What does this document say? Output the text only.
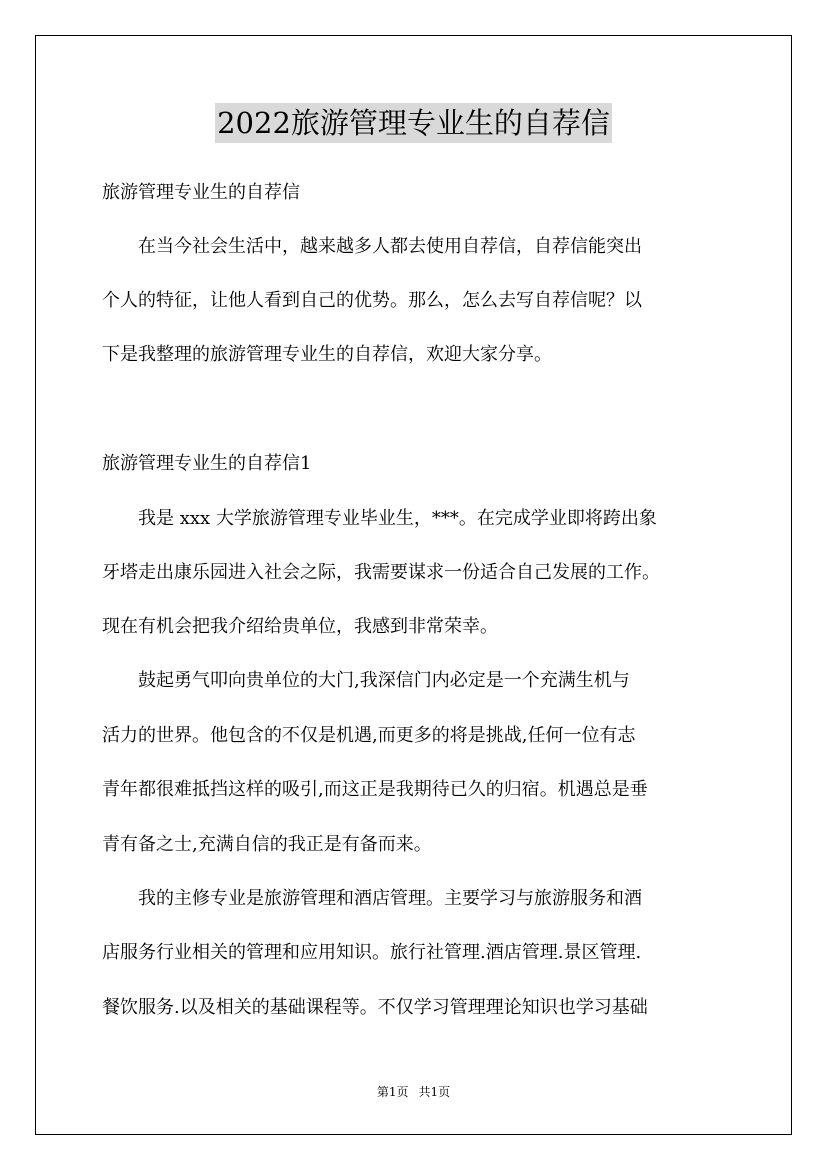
2022旅游管理专业生的自荐信

旅游管理专业生的自荐信

　　在当今社会生活中，越来越多人都去使用自荐信，自荐信能突出

个人的特征，让他人看到自己的优势。那么，怎么去写自荐信呢？以

下是我整理的旅游管理专业生的自荐信，欢迎大家分享。

旅游管理专业生的自荐信1

　　我是 xxx 大学旅游管理专业毕业生，***。在完成学业即将跨出象

牙塔走出康乐园进入社会之际，我需要谋求一份适合自己发展的工作。

现在有机会把我介绍给贵单位，我感到非常荣幸。

　　鼓起勇气叩向贵单位的大门,我深信门内必定是一个充满生机与

活力的世界。他包含的不仅是机遇,而更多的将是挑战,任何一位有志

青年都很难抵挡这样的吸引,而这正是我期待已久的归宿。机遇总是垂

青有备之士,充满自信的我正是有备而来。

　　我的主修专业是旅游管理和酒店管理。主要学习与旅游服务和酒

店服务行业相关的管理和应用知识。旅行社管理.酒店管理.景区管理.

餐饮服务.以及相关的基础课程等。不仅学习管理理论知识也学习基础

第1页 共1页
